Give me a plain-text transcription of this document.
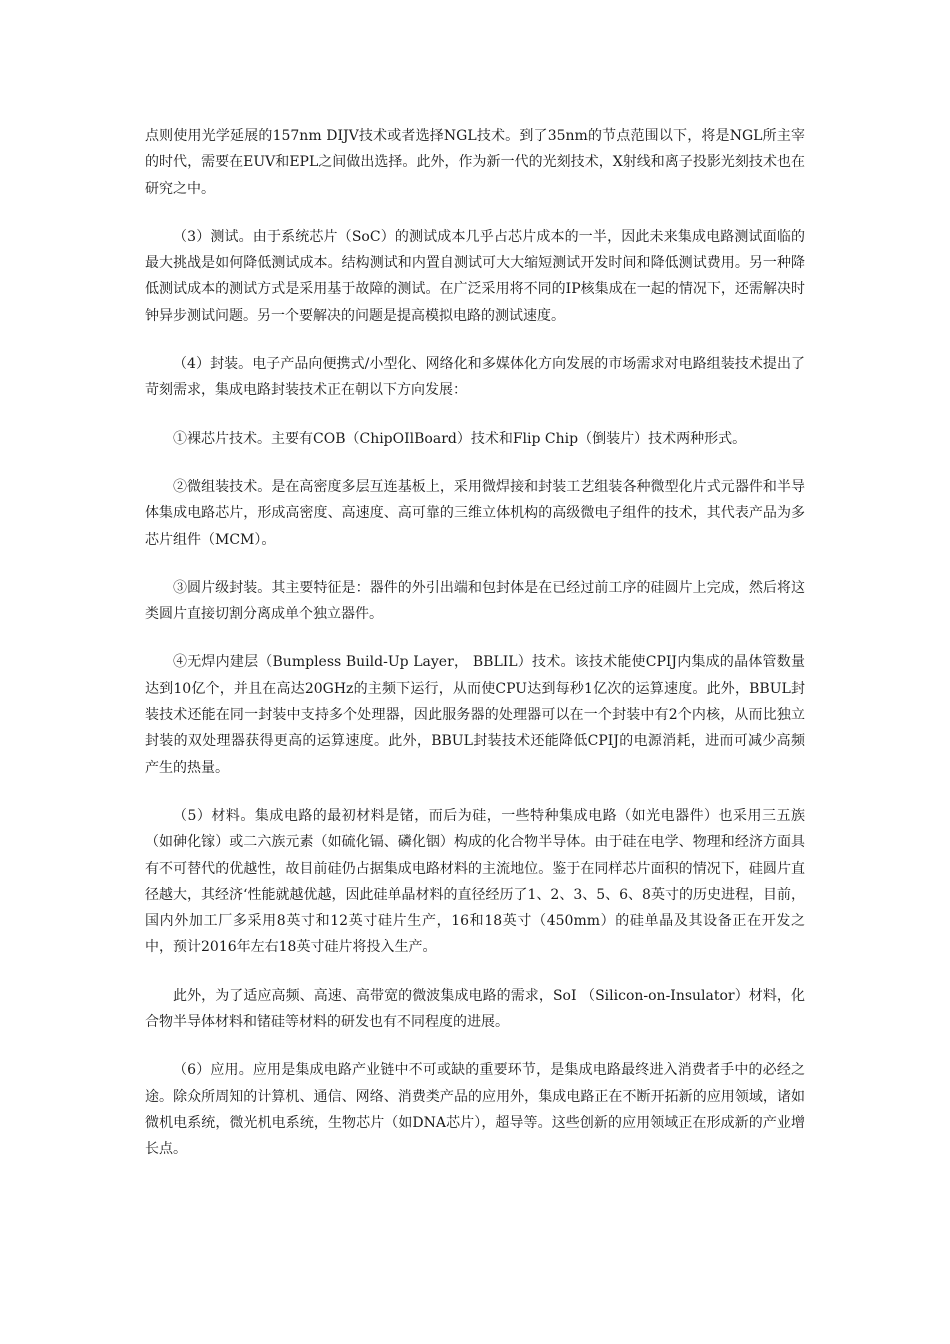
点则使用光学延展的157nm DIJV技术或者选择NGL技术。到了35nm的节点范围以下，将是NGL所主宰的时代，需要在EUV和EPL之间做出选择。此外，作为新一代的光刻技术，X射线和离子投影光刻技术也在研究之中。

（3）测试。由于系统芯片（SoC）的测试成本几乎占芯片成本的一半，因此未来集成电路测试面临的最大挑战是如何降低测试成本。结构测试和内置自测试可大大缩短测试开发时间和降低测试费用。另一种降低测试成本的测试方式是采用基于故障的测试。在广泛采用将不同的IP核集成在一起的情况下，还需解决时钟异步测试问题。另一个要解决的问题是提高模拟电路的测试速度。

（4）封装。电子产品向便携式/小型化、网络化和多媒体化方向发展的市场需求对电路组装技术提出了苛刻需求，集成电路封装技术正在朝以下方向发展：

①裸芯片技术。主要有COB（ChipOIlBoard）技术和Flip Chip（倒装片）技术两种形式。

②微组装技术。是在高密度多层互连基板上，采用微焊接和封装工艺组装各种微型化片式元器件和半导体集成电路芯片，形成高密度、高速度、高可靠的三维立体机构的高级微电子组件的技术，其代表产品为多芯片组件（MCM）。

③圆片级封装。其主要特征是：器件的外引出端和包封体是在已经过前工序的硅圆片上完成，然后将这类圆片直接切割分离成单个独立器件。

④无焊内建层（Bumpless Build-Up Layer， BBLIL）技术。该技术能使CPIJ内集成的晶体管数量达到10亿个，并且在高达20GHz的主频下运行，从而使CPU达到每秒1亿次的运算速度。此外，BBUL封装技术还能在同一封装中支持多个处理器，因此服务器的处理器可以在一个封装中有2个内核，从而比独立封装的双处理器获得更高的运算速度。此外，BBUL封装技术还能降低CPIJ的电源消耗，进而可减少高频产生的热量。

（5）材料。集成电路的最初材料是锗，而后为硅，一些特种集成电路（如光电器件）也采用三五族（如砷化镓）或二六族元素（如硫化镉、磷化铟）构成的化合物半导体。由于硅在电学、物理和经济方面具有不可替代的优越性，故目前硅仍占据集成电路材料的主流地位。鉴于在同样芯片面积的情况下，硅圆片直径越大，其经济‘性能就越优越，因此硅单晶材料的直径经历了1、2、3、5、6、8英寸的历史进程，目前，国内外加工厂多采用8英寸和12英寸硅片生产，16和18英寸（450mm）的硅单晶及其设备正在开发之中，预计2016年左右18英寸硅片将投入生产。

此外，为了适应高频、高速、高带宽的微波集成电路的需求，SoI （Silicon-on-Insulator）材料，化合物半导体材料和锗硅等材料的研发也有不同程度的进展。

（6）应用。应用是集成电路产业链中不可或缺的重要环节，是集成电路最终进入消费者手中的必经之途。除众所周知的计算机、通信、网络、消费类产品的应用外，集成电路正在不断开拓新的应用领域，诸如微机电系统，微光机电系统，生物芯片（如DNA芯片），超导等。这些创新的应用领域正在形成新的产业增长点。
